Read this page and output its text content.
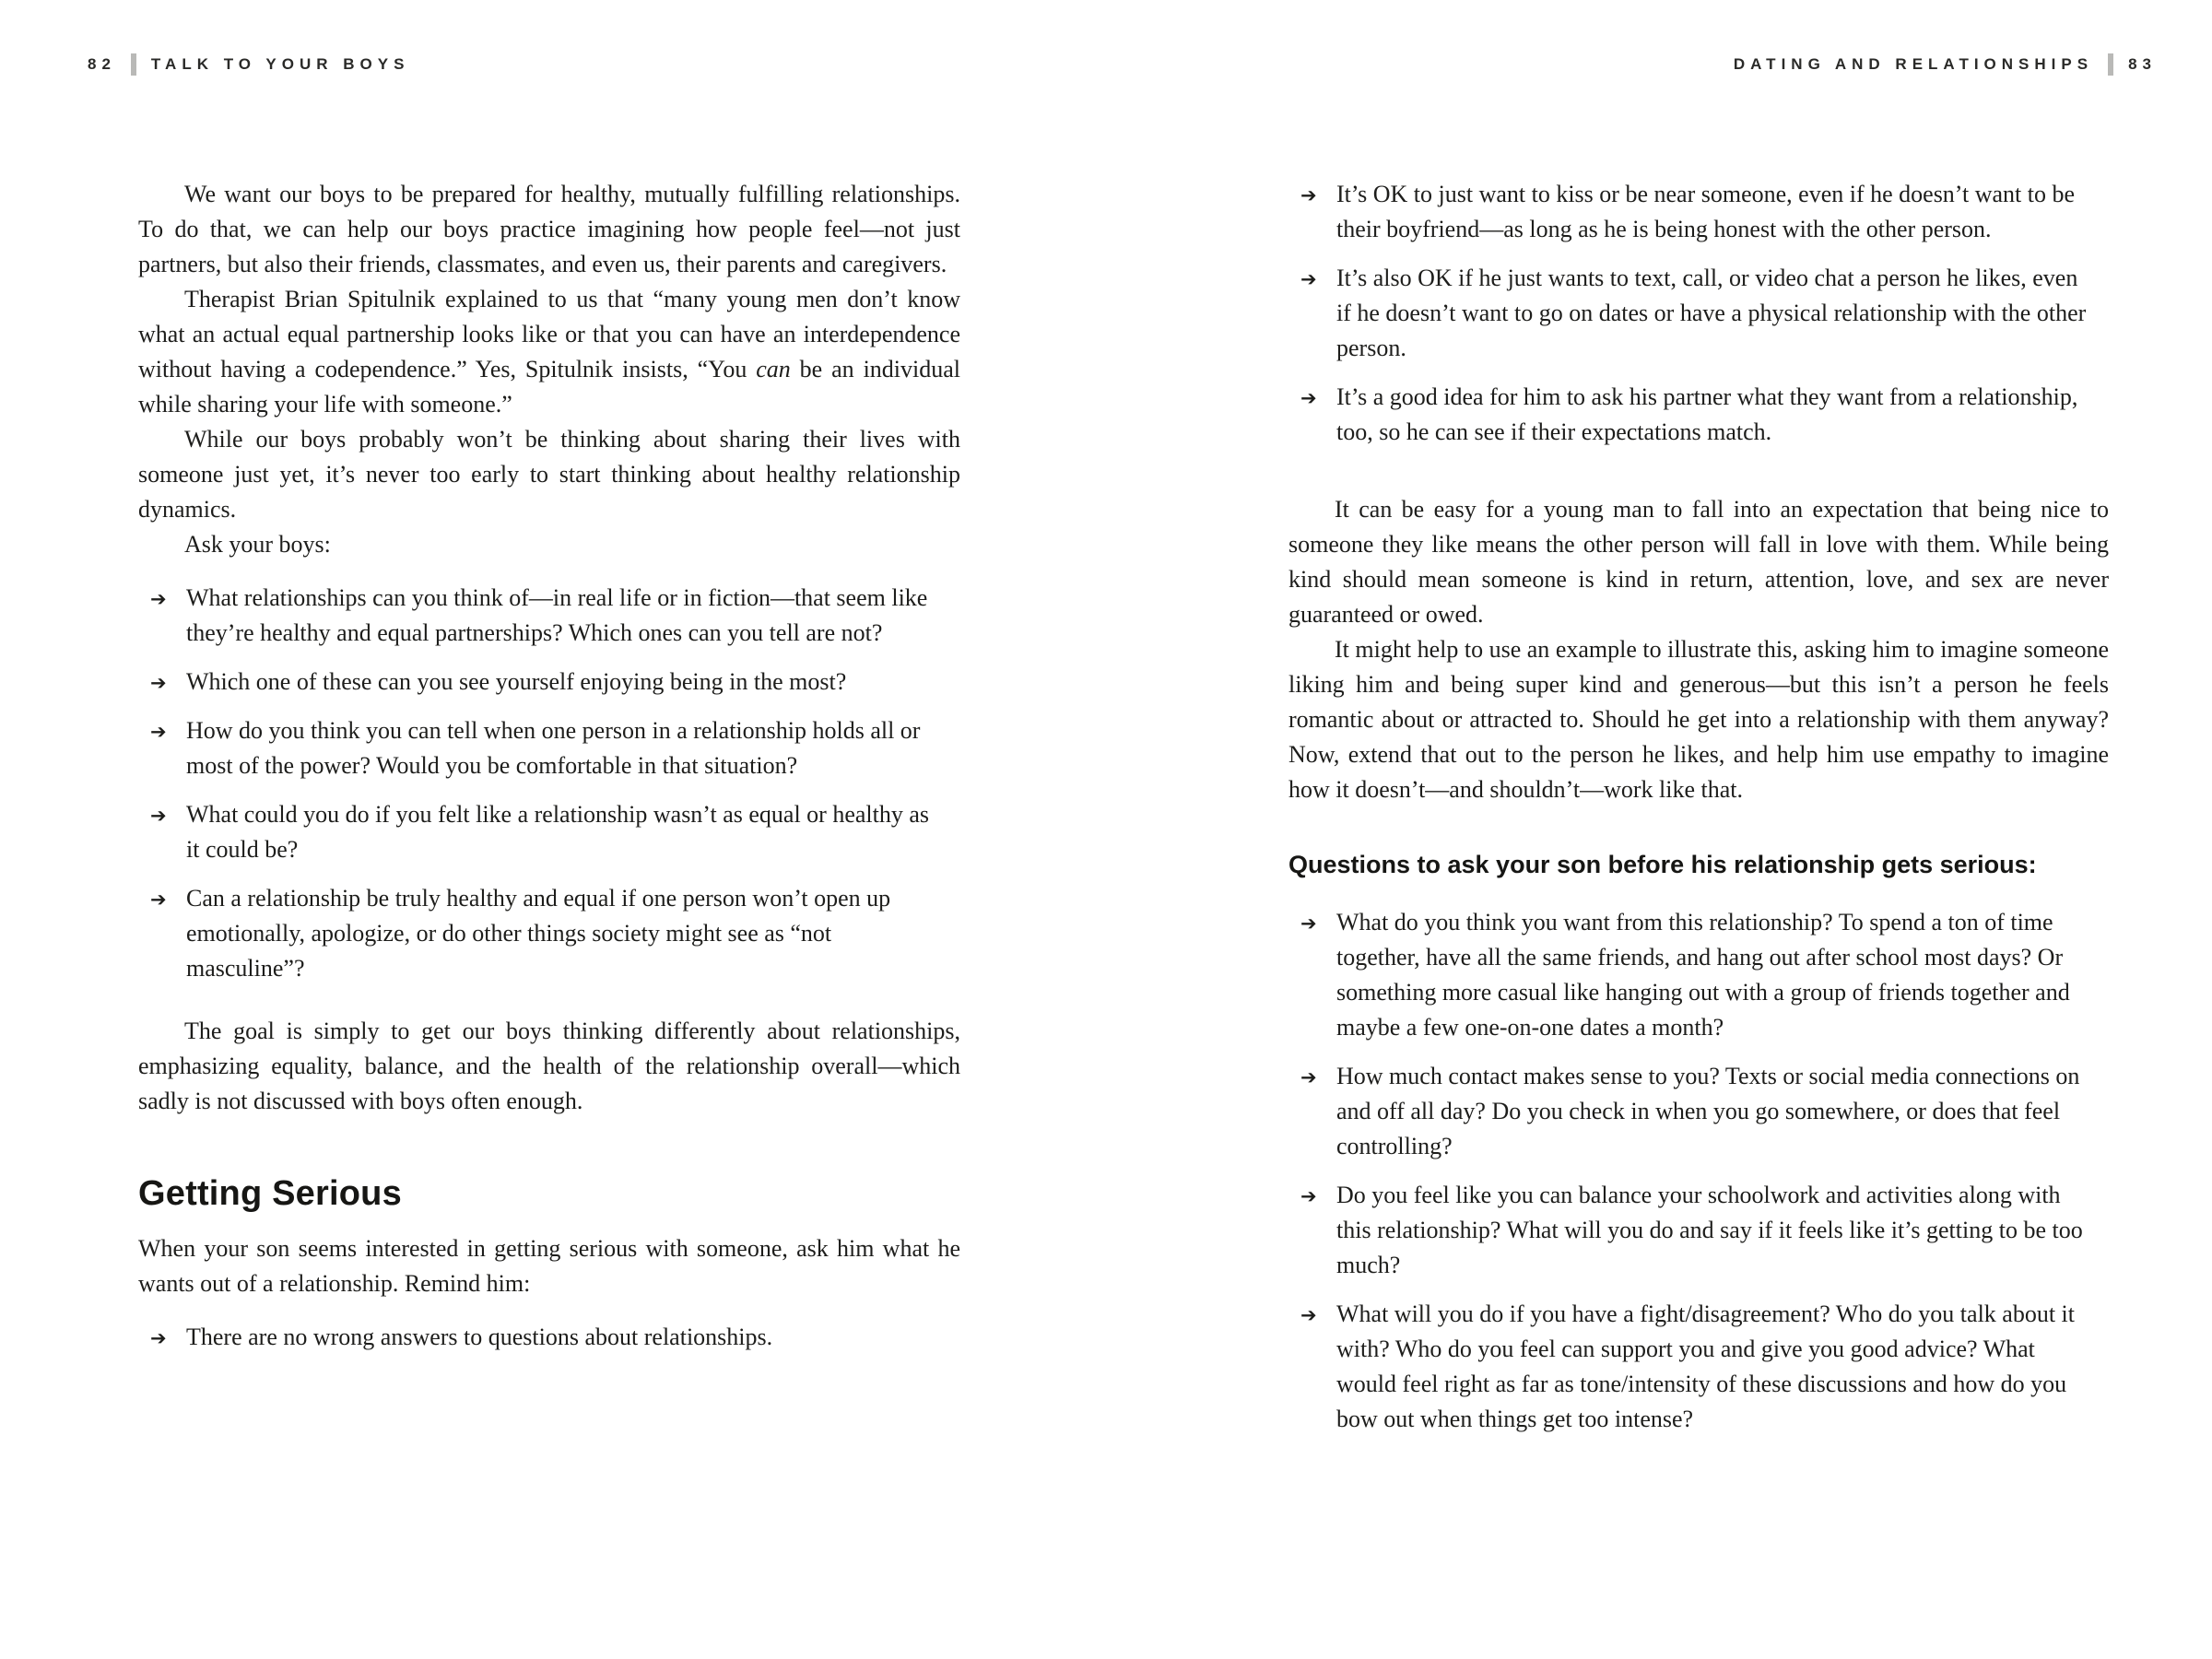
82 TALK TO YOUR BOYS

We want our boys to be prepared for healthy, mutually fulfilling relationships. To do that, we can help our boys practice imagining how people feel—not just partners, but also their friends, classmates, and even us, their parents and caregivers.

Therapist Brian Spitulnik explained to us that “many young men don’t know what an actual equal partnership looks like or that you can have an interdependence without having a codependence.” Yes, Spitulnik insists, “You can be an individual while sharing your life with someone.”

While our boys probably won’t be thinking about sharing their lives with someone just yet, it’s never too early to start thinking about healthy relationship dynamics.

Ask your boys:

➔ What relationships can you think of—in real life or in fiction—that seem like they’re healthy and equal partnerships? Which ones can you tell are not?
➔ Which one of these can you see yourself enjoying being in the most?
➔ How do you think you can tell when one person in a relationship holds all or most of the power? Would you be comfortable in that situation?
➔ What could you do if you felt like a relationship wasn’t as equal or healthy as it could be?
➔ Can a relationship be truly healthy and equal if one person won’t open up emotionally, apologize, or do other things society might see as “not masculine”?

The goal is simply to get our boys thinking differently about relationships, emphasizing equality, balance, and the health of the relationship overall—which sadly is not discussed with boys often enough.

Getting Serious

When your son seems interested in getting serious with someone, ask him what he wants out of a relationship. Remind him:

➔ There are no wrong answers to questions about relationships.
DATING AND RELATIONSHIPS 83
➔ It’s OK to just want to kiss or be near someone, even if he doesn’t want to be their boyfriend—as long as he is being honest with the other person.
➔ It’s also OK if he just wants to text, call, or video chat a person he likes, even if he doesn’t want to go on dates or have a physical relationship with the other person.
➔ It’s a good idea for him to ask his partner what they want from a relationship, too, so he can see if their expectations match.

It can be easy for a young man to fall into an expectation that being nice to someone they like means the other person will fall in love with them. While being kind should mean someone is kind in return, attention, love, and sex are never guaranteed or owed.

It might help to use an example to illustrate this, asking him to imagine someone liking him and being super kind and generous—but this isn’t a person he feels romantic about or attracted to. Should he get into a relationship with them anyway? Now, extend that out to the person he likes, and help him use empathy to imagine how it doesn’t—and shouldn’t—work like that.

Questions to ask your son before his relationship gets serious:
➔ What do you think you want from this relationship? To spend a ton of time together, have all the same friends, and hang out after school most days? Or something more casual like hanging out with a group of friends together and maybe a few one-on-one dates a month?
➔ How much contact makes sense to you? Texts or social media connections on and off all day? Do you check in when you go somewhere, or does that feel controlling?
➔ Do you feel like you can balance your schoolwork and activities along with this relationship? What will you do and say if it feels like it’s getting to be too much?
➔ What will you do if you have a fight/disagreement? Who do you talk about it with? Who do you feel can support you and give you good advice? What would feel right as far as tone/intensity of these discussions and how do you bow out when things get too intense?
